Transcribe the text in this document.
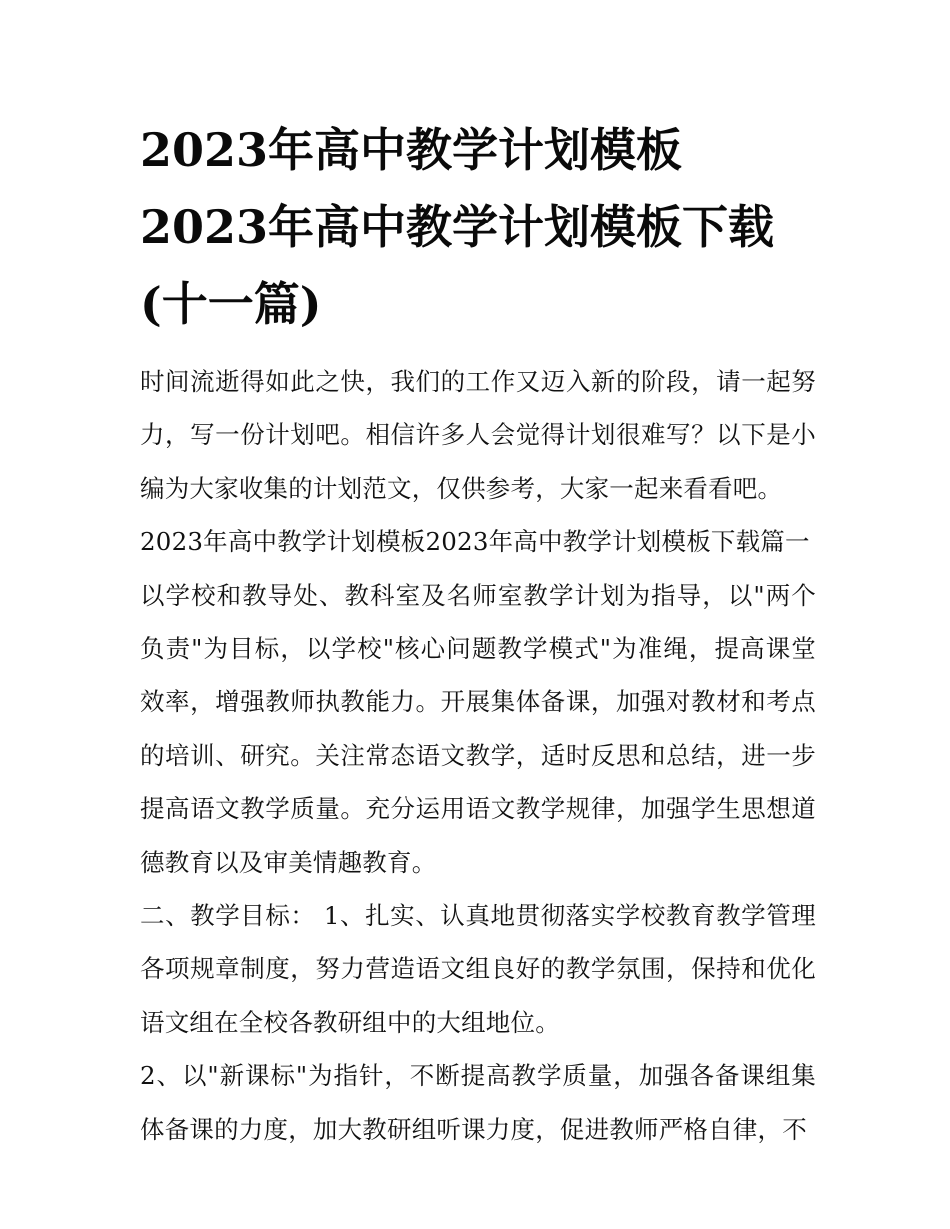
2023年高中教学计划模板
2023年高中教学计划模板下载
(十一篇)

时间流逝得如此之快，我们的工作又迈入新的阶段，请一起努力，写一份计划吧。相信许多人会觉得计划很难写？以下是小编为大家收集的计划范文，仅供参考，大家一起来看看吧。

2023年高中教学计划模板2023年高中教学计划模板下载篇一

以学校和教导处、教科室及名师室教学计划为指导，以"两个负责"为目标，以学校"核心问题教学模式"为准绳，提高课堂效率，增强教师执教能力。开展集体备课，加强对教材和考点的培训、研究。关注常态语文教学，适时反思和总结，进一步提高语文教学质量。充分运用语文教学规律，加强学生思想道德教育以及审美情趣教育。

二、教学目标： 1、扎实、认真地贯彻落实学校教育教学管理各项规章制度，努力营造语文组良好的教学氛围，保持和优化语文组在全校各教研组中的大组地位。

2、以"新课标"为指针，不断提高教学质量，加强各备课组集体备课的力度，加大教研组听课力度，促进教师严格自律，不
